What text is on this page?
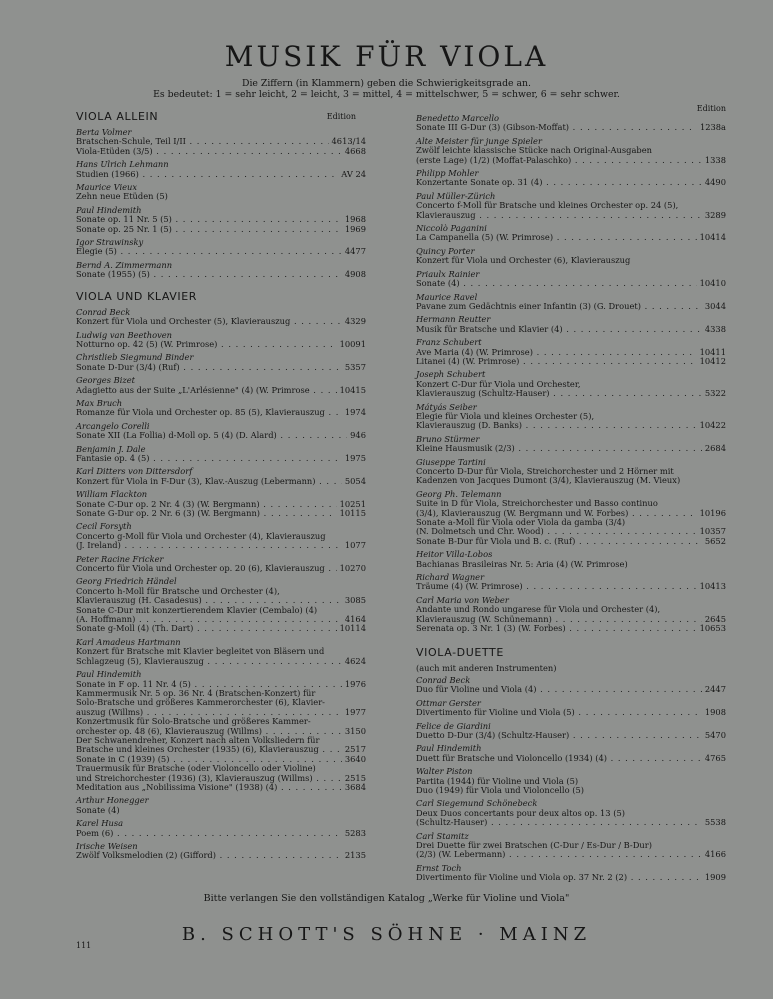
MUSIK FÜR VIOLA
Die Ziffern (in Klammern) geben die Schwierigkeitsgrade an.
Es bedeutet: 1 = sehr leicht, 2 = leicht, 3 = mittel, 4 = mittelschwer, 5 = schwer, 6 = sehr schwer.
VIOLA ALLEIN	Edition
Berta Volmer
Bratschen-Schule, Teil I/II	4613/14
. . .
Viola-Etüden (3/5)	4668
. . .
Hans Ulrich Lehmann
Studien (1966)	AV 24
. . .
Maurice Vieux
Zehn neue Etüden (5)
Paul Hindemith
Sonate op. 11 Nr. 5 (5)	1968
. . .
Sonate op. 25 Nr. 1 (5)	1969
. . .
Igor Strawinsky
Elegie (5)	4477
. . .
Bernd A. Zimmermann
Sonate (1955) (5)	4908
. . .
VIOLA UND KLAVIER
Conrad Beck
Konzert für Viola und Orchester (5), Klavierauszug	4329
. . .
Ludwig van Beethoven
Notturno op. 42 (5) (W. Primrose)	10091
. . .
Christlieb Siegmund Binder
Sonate D-Dur (3/4) (Ruf)	5357
. . .
Georges Bizet
Adagietto aus der Suite „L'Arlésienne" (4) (W. Primrose	10415
. . .
Max Bruch
Romanze für Viola und Orchester op. 85 (5), Klavierauszug	1974
. . .
Arcangelo Corelli
Sonate XII (La Follia) d-Moll op. 5 (4) (D. Alard)	946
. . .
Benjamin J. Dale
Fantasie op. 4 (5)	1975
. . .
Karl Ditters von Dittersdorf
Konzert für Viola in F-Dur (3), Klav.-Auszug (Lebermann)	5054
. . .
William Flackton
Sonate C-Dur op. 2 Nr. 4 (3) (W. Bergmann)	10251
. . .
Sonate G-Dur op. 2 Nr. 6 (3) (W. Bergmann)	10115
. . .
Cecil Forsyth
Concerto g-Moll für Viola und Orchester (4), Klavierauszug
(J. Ireland)	1077
. . .
Peter Racine Fricker
Concerto für Viola und Orchester op. 20 (6), Klavierauszug	10270
. . .
Georg Friedrich Händel
Concerto h-Moll für Bratsche und Orchester (4),
Klavierauszug (H. Casadesus)	3085
. . .
Sonate C-Dur mit konzertierendem Klavier (Cembalo) (4)
(A. Hoffmann)	4164
. . .
Sonate g-Moll (4) (Th. Dart)	10114
. . .
Karl Amadeus Hartmann
Konzert für Bratsche mit Klavier begleitet von Bläsern und
Schlagzeug (5), Klavierauszug	4624
. . .
Paul Hindemith
Sonate in F op. 11 Nr. 4 (5)	1976
. . .
Kammermusik Nr. 5 op. 36 Nr. 4 (Bratschen-Konzert) für
Solo-Bratsche und größeres Kammerorchester (6), Klavier-
auszug (Willms)	1977
. . .
Konzertmusik für Solo-Bratsche und größeres Kammer-
orchester op. 48 (6), Klavierauszug (Willms)	3150
. . .
Der Schwanendreher, Konzert nach alten Volksliedern für
Bratsche und kleines Orchester (1935) (6), Klavierauszug	2517
. . .
Sonate in C (1939) (5)	3640
. . .
Trauermusik für Bratsche (oder Violoncello oder Violine)
und Streichorchester (1936) (3), Klavierauszug (Willms)	2515
. . .
Meditation aus „Nobilissima Visione" (1938) (4)	3684
. . .
Arthur Honegger
Sonate (4)
Karel Husa
Poem (6)	5283
. . .
Irische Weisen
Zwölf Volksmelodien (2) (Gifford)	2135
. . .
Edition
Benedetto Marcello
Sonate III G-Dur (3) (Gibson-Moffat)	1238a
. . .
Alte Meister für junge Spieler
Zwölf leichte klassische Stücke nach Original-Ausgaben
(erste Lage) (1/2) (Moffat-Palaschko)	1338
. . .
Philipp Mohler
Konzertante Sonate op. 31 (4)	4490
. . .
Paul Müller-Zürich
Concerto f-Moll für Bratsche und kleines Orchester op. 24 (5),
Klavierauszug	3289
. . .
Niccolò Paganini
La Campanella (5) (W. Primrose)	10414
. . .
Quincy Porter
Konzert für Viola und Orchester (6), Klavierauszug
Priaulx Rainier
Sonate (4)	10410
. . .
Maurice Ravel
Pavane zum Gedächtnis einer Infantin (3) (G. Drouet)	3044
. . .
Hermann Reutter
Musik für Bratsche und Klavier (4)	4338
. . .
Franz Schubert
Ave Maria (4) (W. Primrose)	10411
. . .
Litanei (4) (W. Primrose)	10412
. . .
Joseph Schubert
Konzert C-Dur für Viola und Orchester,
Klavierauszug (Schultz-Hauser)	5322
. . .
Mátyás Seiber
Elegie für Viola und kleines Orchester (5),
Klavierauszug (D. Banks)	10422
. . .
Bruno Stürmer
Kleine Hausmusik (2/3)	2684
. . .
Giuseppe Tartini
Concerto D-Dur für Viola, Streichorchester und 2 Hörner mit
Kadenzen von Jacques Dumont (3/4), Klavierauszug (M. Vieux)
Georg Ph. Telemann
Suite in D für Viola, Streichorchester und Basso continuo
(3/4), Klavierauszug (W. Bergmann und W. Forbes)	10196
. . .
Sonate a-Moll für Viola oder Viola da gamba (3/4)
(N. Dolmetsch und Chr. Wood)	10357
. . .
Sonate B-Dur für Viola und B. c. (Ruf)	5652
. . .
Heitor Villa-Lobos
Bachianas Brasileiras Nr. 5: Aria (4) (W. Primrose)
Richard Wagner
Träume (4) (W. Primrose)	10413
. . .
Carl Maria von Weber
Andante und Rondo ungarese für Viola und Orchester (4),
Klavierauszug (W. Schünemann)	2645
. . .
Serenata op. 3 Nr. 1 (3) (W. Forbes)	10653
. . .
VIOLA-DUETTE
(auch mit anderen Instrumenten)
Conrad Beck
Duo für Violine und Viola (4)	2447
. . .
Ottmar Gerster
Divertimento für Violine und Viola (5)	1908
. . .
Felice de Giardini
Duetto D-Dur (3/4) (Schultz-Hauser)	5470
. . .
Paul Hindemith
Duett für Bratsche und Violoncello (1934) (4)	4765
. . .
Walter Piston
Partita (1944) für Violine und Viola (5)
Duo (1949) für Viola und Violoncello (5)
Carl Siegemund Schönebeck
Deux Duos concertants pour deux altos op. 13 (5)
(Schultz-Hauser)	5538
. . .
Carl Stamitz
Drei Duette für zwei Bratschen (C-Dur / Es-Dur / B-Dur)
(2/3) (W. Lebermann)	4166
. . .
Ernst Toch
Divertimento für Violine und Viola op. 37 Nr. 2 (2)	1909
. . .
Bitte verlangen Sie den vollständigen Katalog „Werke für Violine und Viola"
B. SCHOTT'S SÖHNE · MAINZ
111
